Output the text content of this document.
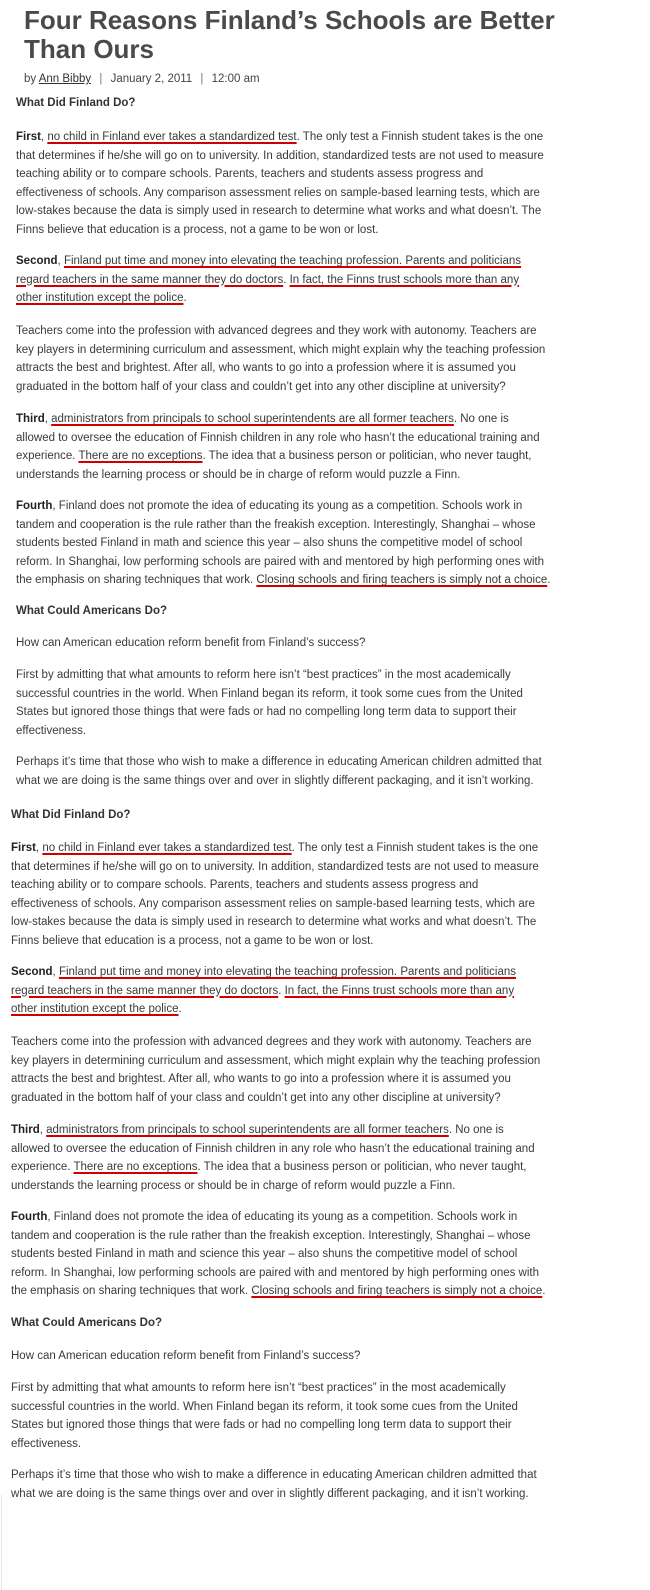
Four Reasons Finland’s Schools are Better Than Ours
by Ann Bibby | January 2, 2011 | 12:00 am
What Did Finland Do?
First, no child in Finland ever takes a standardized test. The only test a Finnish student takes is the one
that determines if he/she will go on to university. In addition, standardized tests are not used to measure
teaching ability or to compare schools. Parents, teachers and students assess progress and
effectiveness of schools. Any comparison assessment relies on sample-based learning tests, which are
low-stakes because the data is simply used in research to determine what works and what doesn’t. The
Finns believe that education is a process, not a game to be won or lost.
Second, Finland put time and money into elevating the teaching profession. Parents and politicians
regard teachers in the same manner they do doctors. In fact, the Finns trust schools more than any
other institution except the police.
Teachers come into the profession with advanced degrees and they work with autonomy. Teachers are
key players in determining curriculum and assessment, which might explain why the teaching profession
attracts the best and brightest. After all, who wants to go into a profession where it is assumed you
graduated in the bottom half of your class and couldn’t get into any other discipline at university?
Third, administrators from principals to school superintendents are all former teachers. No one is
allowed to oversee the education of Finnish children in any role who hasn’t the educational training and
experience. There are no exceptions. The idea that a business person or politician, who never taught,
understands the learning process or should be in charge of reform would puzzle a Finn.
Fourth, Finland does not promote the idea of educating its young as a competition. Schools work in
tandem and cooperation is the rule rather than the freakish exception. Interestingly, Shanghai – whose
students bested Finland in math and science this year – also shuns the competitive model of school
reform. In Shanghai, low performing schools are paired with and mentored by high performing ones with
the emphasis on sharing techniques that work. Closing schools and firing teachers is simply not a choice.
What Could Americans Do?
How can American education reform benefit from Finland’s success?
First by admitting that what amounts to reform here isn’t “best practices” in the most academically
successful countries in the world. When Finland began its reform, it took some cues from the United
States but ignored those things that were fads or had no compelling long term data to support their
effectiveness.
Perhaps it’s time that those who wish to make a difference in educating American children admitted that
what we are doing is the same things over and over in slightly different packaging, and it isn’t working.
What Did Finland Do?
First, no child in Finland ever takes a standardized test. The only test a Finnish student takes is the one
that determines if he/she will go on to university. In addition, standardized tests are not used to measure
teaching ability or to compare schools. Parents, teachers and students assess progress and
effectiveness of schools. Any comparison assessment relies on sample-based learning tests, which are
low-stakes because the data is simply used in research to determine what works and what doesn’t. The
Finns believe that education is a process, not a game to be won or lost.
Second, Finland put time and money into elevating the teaching profession. Parents and politicians
regard teachers in the same manner they do doctors. In fact, the Finns trust schools more than any
other institution except the police.
Teachers come into the profession with advanced degrees and they work with autonomy. Teachers are
key players in determining curriculum and assessment, which might explain why the teaching profession
attracts the best and brightest. After all, who wants to go into a profession where it is assumed you
graduated in the bottom half of your class and couldn’t get into any other discipline at university?
Third, administrators from principals to school superintendents are all former teachers. No one is
allowed to oversee the education of Finnish children in any role who hasn’t the educational training and
experience. There are no exceptions. The idea that a business person or politician, who never taught,
understands the learning process or should be in charge of reform would puzzle a Finn.
Fourth, Finland does not promote the idea of educating its young as a competition. Schools work in
tandem and cooperation is the rule rather than the freakish exception. Interestingly, Shanghai – whose
students bested Finland in math and science this year – also shuns the competitive model of school
reform. In Shanghai, low performing schools are paired with and mentored by high performing ones with
the emphasis on sharing techniques that work. Closing schools and firing teachers is simply not a choice.
What Could Americans Do?
How can American education reform benefit from Finland’s success?
First by admitting that what amounts to reform here isn’t “best practices” in the most academically
successful countries in the world. When Finland began its reform, it took some cues from the United
States but ignored those things that were fads or had no compelling long term data to support their
effectiveness.
Perhaps it’s time that those who wish to make a difference in educating American children admitted that
what we are doing is the same things over and over in slightly different packaging, and it isn’t working.
